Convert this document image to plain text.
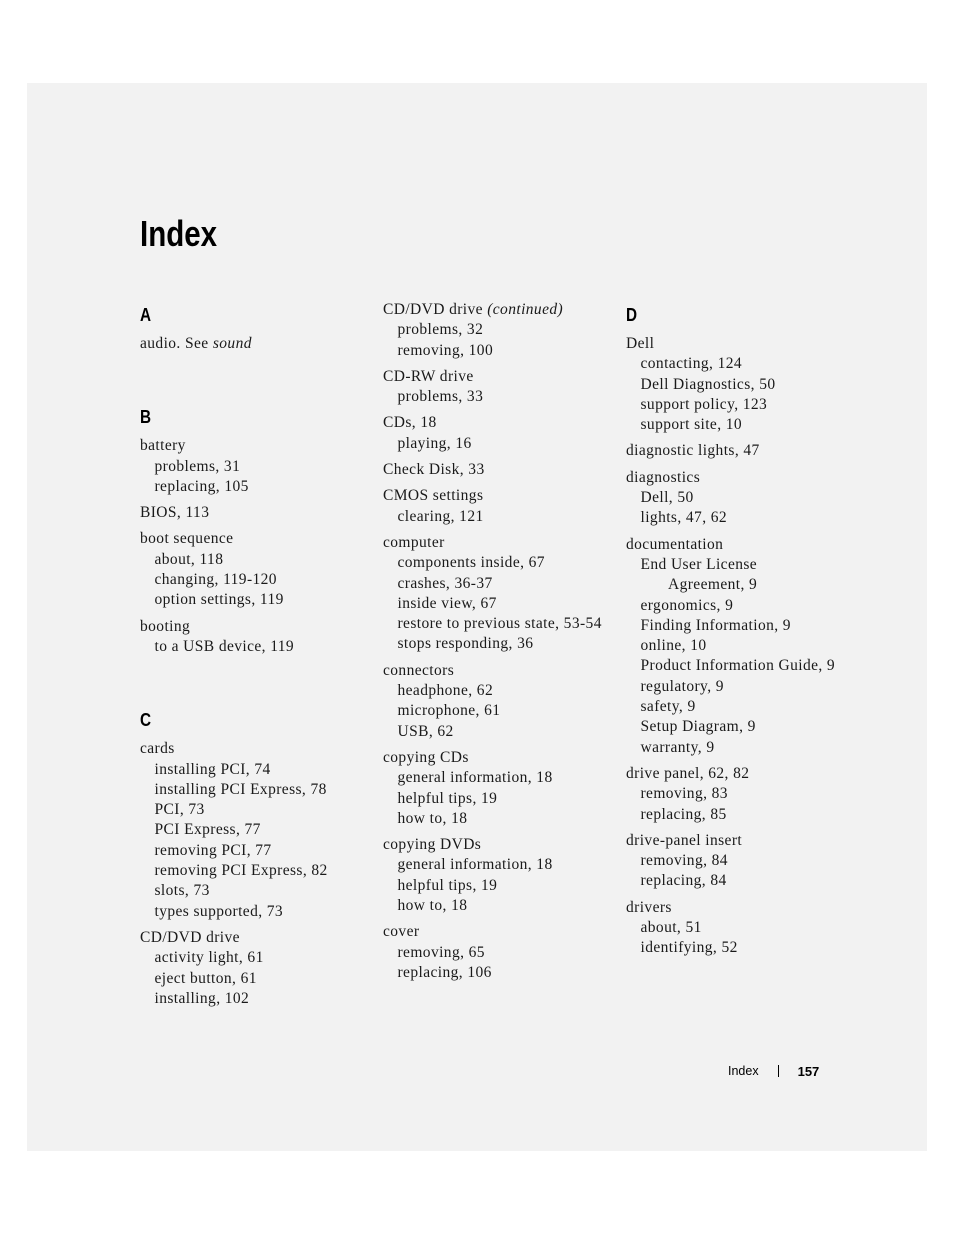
Index
A
audio. See sound
B
battery
problems, 31
replacing, 105
BIOS, 113
boot sequence
about, 118
changing, 119-120
option settings, 119
booting
to a USB device, 119
C
cards
installing PCI, 74
installing PCI Express, 78
PCI, 73
PCI Express, 77
removing PCI, 77
removing PCI Express, 82
slots, 73
types supported, 73
CD/DVD drive
activity light, 61
eject button, 61
installing, 102
CD/DVD drive (continued)
problems, 32
removing, 100
CD-RW drive
problems, 33
CDs, 18
playing, 16
Check Disk, 33
CMOS settings
clearing, 121
computer
components inside, 67
crashes, 36-37
inside view, 67
restore to previous state, 53-54
stops responding, 36
connectors
headphone, 62
microphone, 61
USB, 62
copying CDs
general information, 18
helpful tips, 19
how to, 18
copying DVDs
general information, 18
helpful tips, 19
how to, 18
cover
removing, 65
replacing, 106
D
Dell
contacting, 124
Dell Diagnostics, 50
support policy, 123
support site, 10
diagnostic lights, 47
diagnostics
Dell, 50
lights, 47, 62
documentation
End User License
Agreement, 9
ergonomics, 9
Finding Information, 9
online, 10
Product Information Guide, 9
regulatory, 9
safety, 9
Setup Diagram, 9
warranty, 9
drive panel, 62, 82
removing, 83
replacing, 85
drive-panel insert
removing, 84
replacing, 84
drivers
about, 51
identifying, 52
Index	157
